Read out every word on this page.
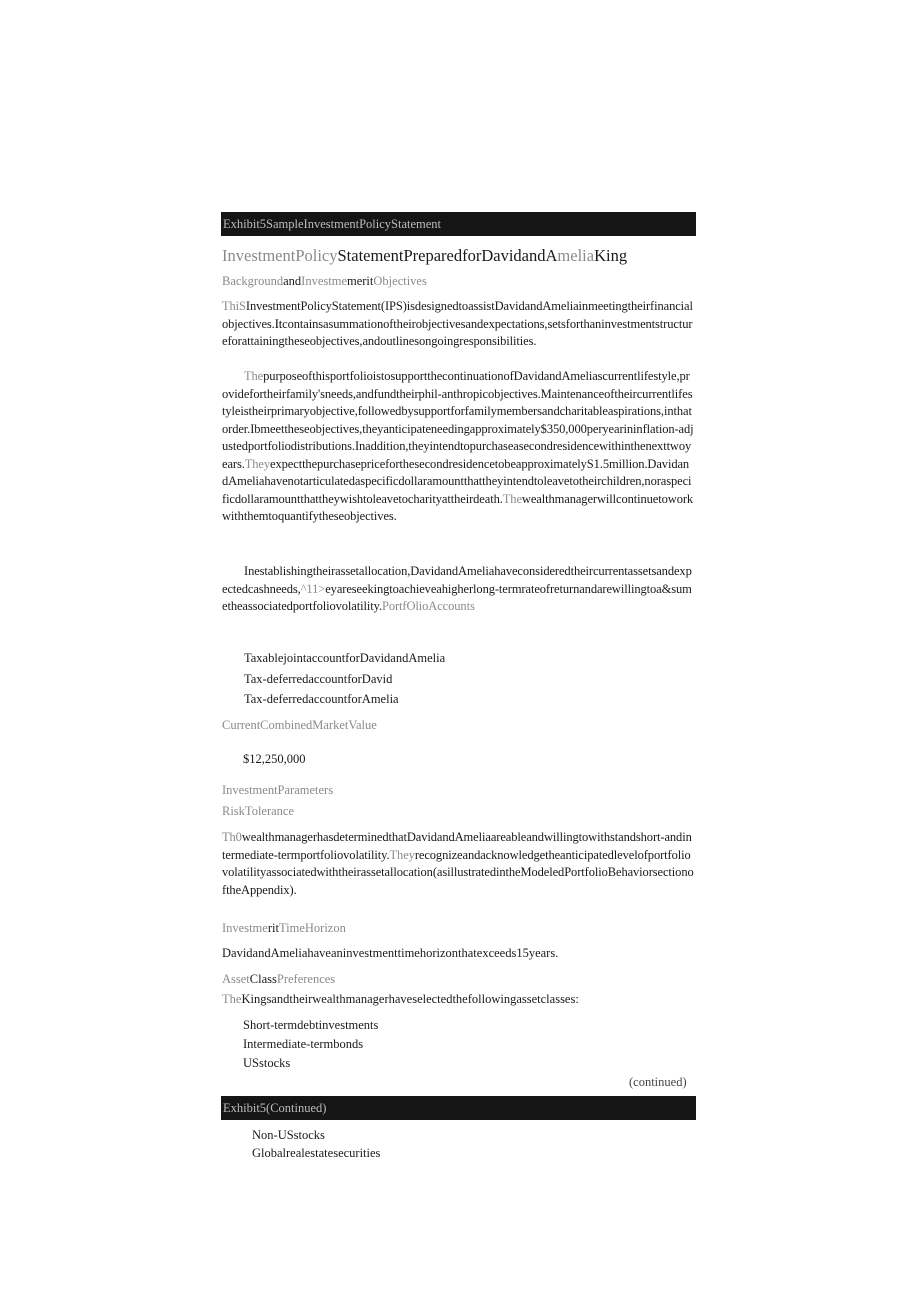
Exhibit5SampleInvestmentPolicyStatement
InvestmentPolicyStatementPreparedforDavidandAmeliaKing
BackgroundandInvestmemeritObjectives
ThiSInvestmentPolicyStatement(IPS)isdesignedtoassistDavidandAmeliainmeetingtheirfinancialobjectives.Itcontainsasummationoftheirobjectivesandexpectations,setsforthaninvestmentstructureforattainingtheseobjectives,andoutlinesongoingresponsibilities.
ThepurposeofthisportfolioistosupportthecontinuationofDavidandAmeliascurrentlifestyle,providefortheirfamily'sneeds,andfundtheirphil-anthropicobjectives.Maintenanceoftheircurrentlifestyleistheirprimaryobjective,followedbysupportforfamilymembersandcharitableaspirations,inthatorder.Ibmeettheseobjectives,theyanticipateneedingapproximately$350,000peryearininflation-adjustedportfoliodistributions.Inaddition,theyintendtopurchaseasecondresidencewithinthenexttwoyears.TheyexpectthepurchasepriceforthesecondresidencetobeapproximatelyS1.5million.DavidandAmeliahavenotarticulatedaspecificdollaramountthattheyintendtoleavetotheirchildren,noraspecificdollaramountthattheywishtoleavetocharityattheirdeath.Thewealthmanagerwillcontinuetoworkwiththemtoquantifytheseobjectives.
Inestablishingtheirassetallocation,DavidandAmeliahaveconsideredtheircurrentassetsandexpectedcashneeds,^11>eyareseekingtoachieveahigherlong-termrateofreturnandarewillingtoa&sumetheassociatedportfoliovolatility.PortfOlioAccounts
TaxablejointaccountforDavidandAmelia
Tax-deferredaccountforDavid
Tax-deferredaccountforAmelia
CurrentCombinedMarketValue
$12,250,000
InvestmentParameters
RiskTolerance
Th0wealthmanagerhasdeterminedthatDavidandAmeliaareableandwillingtowithstandshort-andintermediate-termportfoliovolatility.Theyrecognizeandacknowledgetheanticipatedlevelofportfoliovolatilityassociatedwiththeirassetallocation(asillustratedintheModeledPortfolioBehaviorsectionoftheAppendix).
InvestmeritTimeHorizon
DavidandAmeliahaveaninvestmenttimehorizonthatexceeds15years.
AssetClassPreferences
TheKingsandtheirwealthmanagerhaveselectedthefollowingassetclasses:
Short-termdebtinvestments
Intermediate-termbonds
USstocks
(continued)
Exhibit5(Continued)
Non-USstocks
Globalrealestatesecurities
